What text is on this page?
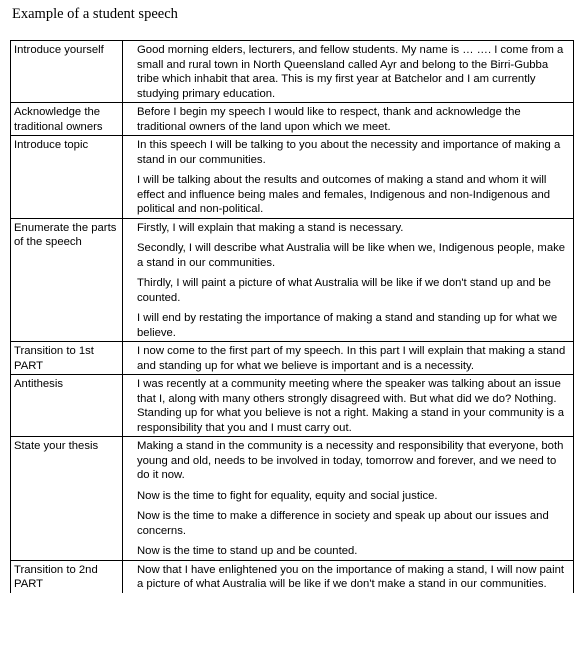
Example of a student speech
Introduce yourself	Good morning elders, lecturers, and fellow students. My name is … …. I come from a small and rural town in North Queensland called Ayr and belong to the Birri-Gubba tribe which inhabit that area. This is my first year at Batchelor and I am currently studying primary education.

Acknowledge the traditional owners	Before I begin my speech I would like to respect, thank and acknowledge the traditional owners of the land upon which we meet.

Introduce topic	In this speech I will be talking to you about the necessity and importance of making a stand in our communities.
I will be talking about the results and outcomes of making a stand and whom it will effect and influence being males and females, Indigenous and non-Indigenous and political and non-political.

Enumerate the parts of the speech	Firstly, I will explain that making a stand is necessary.
Secondly, I will describe what Australia will be like when we, Indigenous people, make a stand in our communities.
Thirdly, I will paint a picture of what Australia will be like if we don't stand up and be counted.
I will end by restating the importance of making a stand and standing up for what we believe.

Transition to 1st PART	I now come to the first part of my speech. In this part I will explain that making a stand and standing up for what we believe is important and is a necessity.

Antithesis	I was recently at a community meeting where the speaker was talking about an issue that I, along with many others strongly disagreed with. But what did we do? Nothing. Standing up for what you believe is not a right. Making a stand in your community is a responsibility that you and I must carry out.

State your thesis	Making a stand in the community is a necessity and responsibility that everyone, both young and old, needs to be involved in today, tomorrow and forever, and we need to do it now.
Now is the time to fight for equality, equity and social justice.
Now is the time to make a difference in society and speak up about our issues and concerns.
Now is the time to stand up and be counted.

Transition to 2nd PART	Now that I have enlightened you on the importance of making a stand, I will now paint a picture of what Australia will be like if we don't make a stand in our communities.
